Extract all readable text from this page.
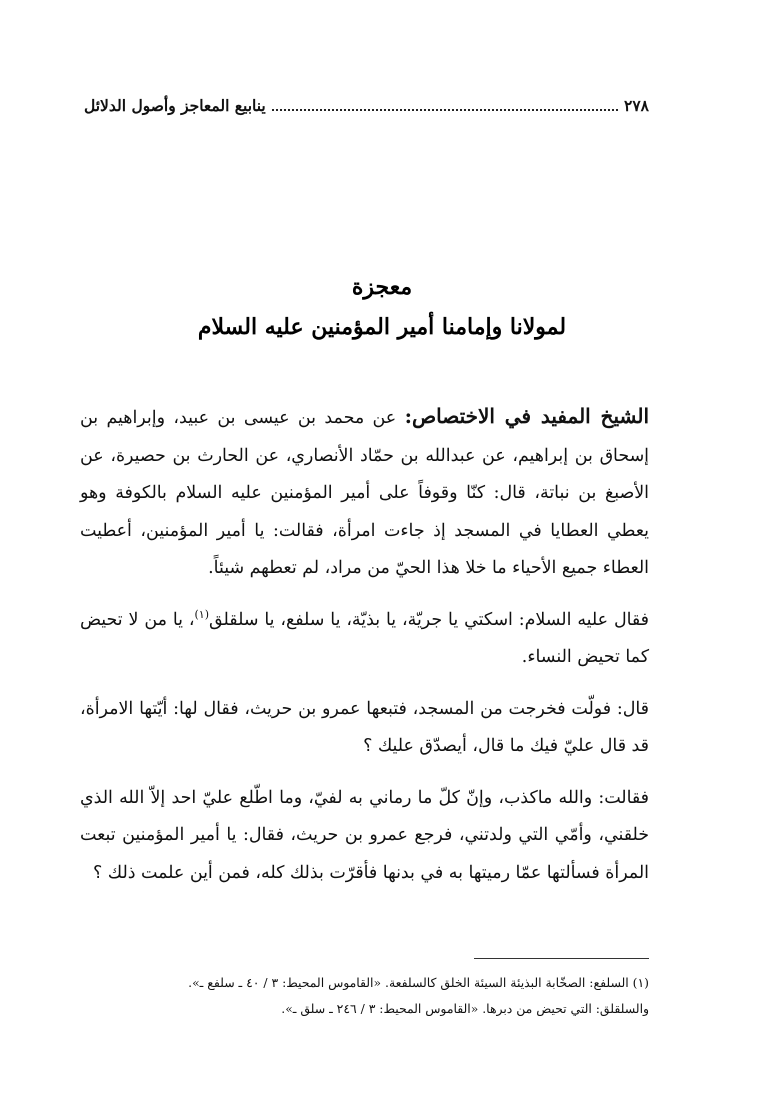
٢٧٨
ينابيع المعاجز وأصول الدلائل
معجزة
لمولانا وإمامنا أمير المؤمنين عليه السلام

الشيخ المفيد في الاختصاص: عن محمد بن عيسى بن عبيد، وإبراهيم بن إسحاق بن إبراهيم، عن عبدالله بن حمّاد الأنصاري، عن الحارث بن حصيرة، عن الأصبغ بن نباتة، قال: كنّا وقوفاً على أمير المؤمنين عليه السلام بالكوفة وهو يعطي العطايا في المسجد إذ جاءت امرأة، فقالت: يا أمير المؤمنين، أعطيت العطاء جميع الأحياء ما خلا هذا الحيّ من مراد، لم تعطهم شيئاً.

فقال عليه السلام: اسكتي يا جريّة، يا بذيّة، يا سلفع، يا سلقلق$^{(١)}$، يا من لا تحيض كما تحيض النساء.

قال: فولّت فخرجت من المسجد، فتبعها عمرو بن حريث، فقال لها: أيّتها الامرأة، قد قال عليّ فيك ما قال، أيصدّق عليك ؟

فقالت: والله ماكذب، وإنّ كلّ ما رماني به لفيّ، وما اطّلع عليّ احد إلاّ الله الذي خلقني، وأمّي التي ولدتني، فرجع عمرو بن حريث، فقال: يا أمير المؤمنين تبعت المرأة فسألتها عمّا رميتها به في بدنها فأقرّت بذلك كله، فمن أين علمت ذلك ؟

(١) السلفع: الصخّابة البذيئة السيئة الخلق كالسلفعة. «القاموس المحيط: ٣ / ٤٠ ـ سلفع ـ».

والسلقلق: التي تحيض من دبرها. «القاموس المحيط: ٣ / ٢٤٦ ـ سلق ـ».
